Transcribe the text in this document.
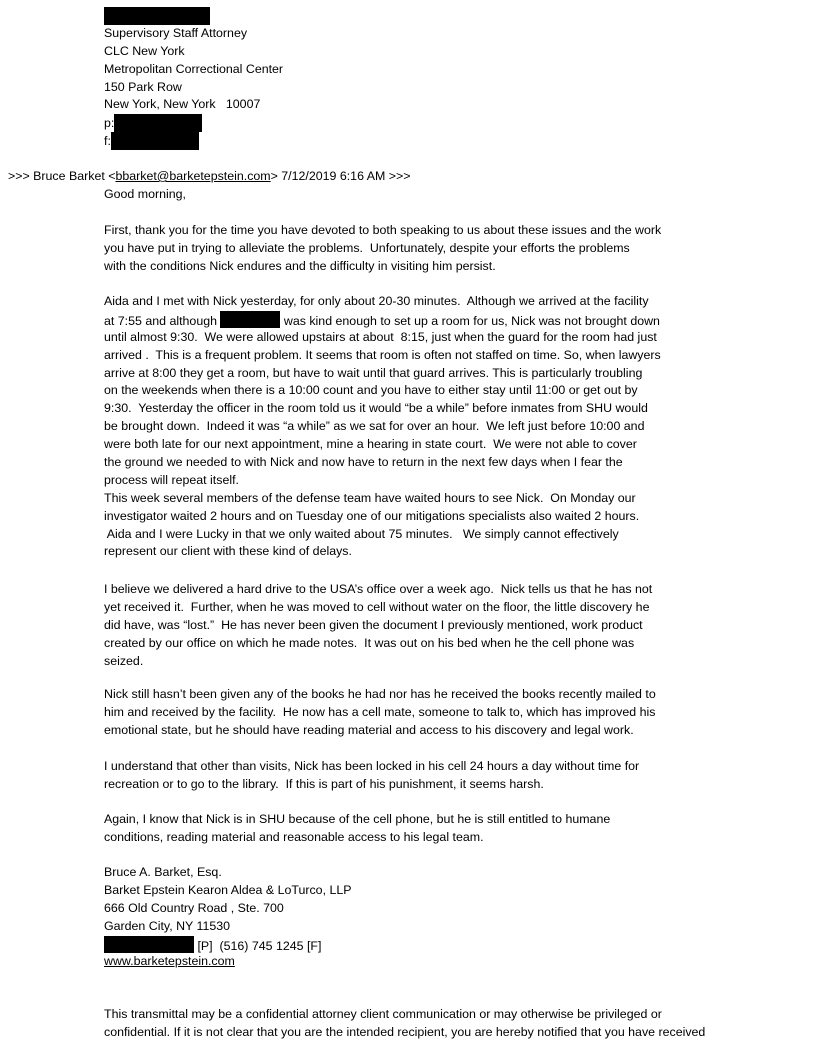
Supervisory Staff Attorney
CLC New York
Metropolitan Correctional Center
150 Park Row
New York, New York   10007
p:
f:
>>> Bruce Barket <bbarket@barketepstein.com> 7/12/2019 6:16 AM >>>
Good morning,
First, thank you for the time you have devoted to both speaking to us about these issues and the work
you have put in trying to alleviate the problems.  Unfortunately, despite your efforts the problems
with the conditions Nick endures and the difficulty in visiting him persist.
Aida and I met with Nick yesterday, for only about 20-30 minutes.  Although we arrived at the facility
at 7:55 and although	was kind enough to set up a room for us, Nick was not brought down
until almost 9:30.  We were allowed upstairs at about  8:15, just when the guard for the room had just
arrived .  This is a frequent problem. It seems that room is often not staffed on time. So, when lawyers
arrive at 8:00 they get a room, but have to wait until that guard arrives. This is particularly troubling
on the weekends when there is a 10:00 count and you have to either stay until 11:00 or get out by
9:30.  Yesterday the officer in the room told us it would “be a while” before inmates from SHU would
be brought down.  Indeed it was “a while” as we sat for over an hour.  We left just before 10:00 and
were both late for our next appointment, mine a hearing in state court.  We were not able to cover
the ground we needed to with Nick and now have to return in the next few days when I fear the
process will repeat itself.
This week several members of the defense team have waited hours to see Nick.  On Monday our
investigator waited 2 hours and on Tuesday one of our mitigations specialists also waited 2 hours.
Aida and I were Lucky in that we only waited about 75 minutes.   We simply cannot effectively
represent our client with these kind of delays.
I believe we delivered a hard drive to the USA’s office over a week ago.  Nick tells us that he has not
yet received it.  Further, when he was moved to cell without water on the floor, the little discovery he
did have, was “lost.”  He has never been given the document I previously mentioned, work product
created by our office on which he made notes.  It was out on his bed when he the cell phone was
seized.
Nick still hasn’t been given any of the books he had nor has he received the books recently mailed to
him and received by the facility.  He now has a cell mate, someone to talk to, which has improved his
emotional state, but he should have reading material and access to his discovery and legal work.
I understand that other than visits, Nick has been locked in his cell 24 hours a day without time for
recreation or to go to the library.  If this is part of his punishment, it seems harsh.
Again, I know that Nick is in SHU because of the cell phone, but he is still entitled to humane
conditions, reading material and reasonable access to his legal team.
Bruce A. Barket, Esq.
Barket Epstein Kearon Aldea & LoTurco, LLP
666 Old Country Road , Ste. 700
Garden City, NY 11530
[P]  (516) 745 1245 [F]
www.barketepstein.com
This transmittal may be a confidential attorney client communication or may otherwise be privileged or
confidential. If it is not clear that you are the intended recipient, you are hereby notified that you have received
